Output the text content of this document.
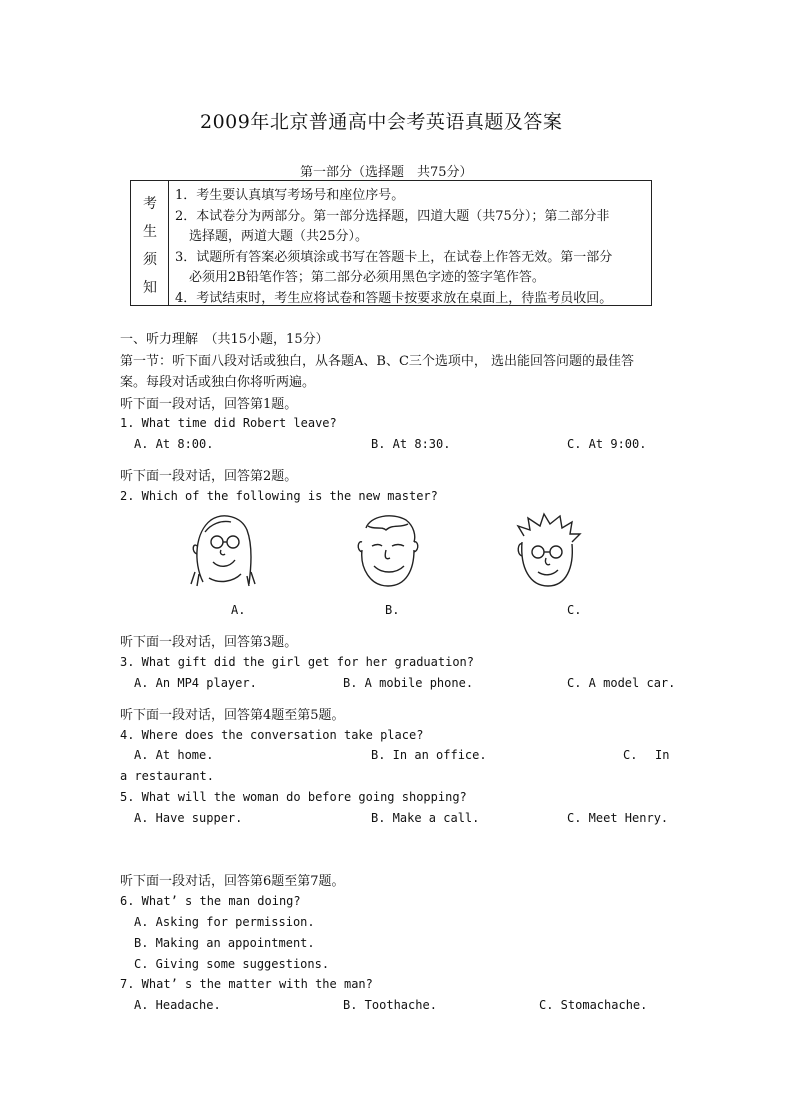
2009年北京普通高中会考英语真题及答案
第一部分（选择题　共75分）
考
生
须
知
1．考生要认真填写考场号和座位序号。
2．本试卷分为两部分。第一部分选择题，四道大题（共75分）；第二部分非
选择题，两道大题（共25分）。
3．试题所有答案必须填涂或书写在答题卡上，在试卷上作答无效。第一部分
必须用2B铅笔作答；第二部分必须用黑色字迹的签字笔作答。
4．考试结束时，考生应将试卷和答题卡按要求放在桌面上，待监考员收回。
一、听力理解　（共15小题，15分）
第一节：听下面八段对话或独白，从各题A、B、C三个选项中， 选出能回答问题的最佳答
案。每段对话或独白你将听两遍。
听下面一段对话，回答第1题。
1. What time did Robert leave?
A. At 8:00.	B. At 8:30.	C. At 9:00.
听下面一段对话，回答第2题。
2. Which of the following is the new master?
A.	B.	C.
听下面一段对话，回答第3题。
3. What gift did the girl get for her graduation?
A. An MP4 player.	B. A mobile phone.	C. A model car.
听下面一段对话，回答第4题至第5题。
4. Where does the conversation take place?
A. At home.	B. In an office.	C. In
a restaurant.
5. What will the woman do before going shopping?
A. Have supper.	B. Make a call.	C. Meet Henry.
听下面一段对话，回答第6题至第7题。
6. What’ s the man doing?
A. Asking for permission.
B. Making an appointment.
C. Giving some suggestions.
7. What’ s the matter with the man?
A. Headache.	B. Toothache.	C. Stomachache.
